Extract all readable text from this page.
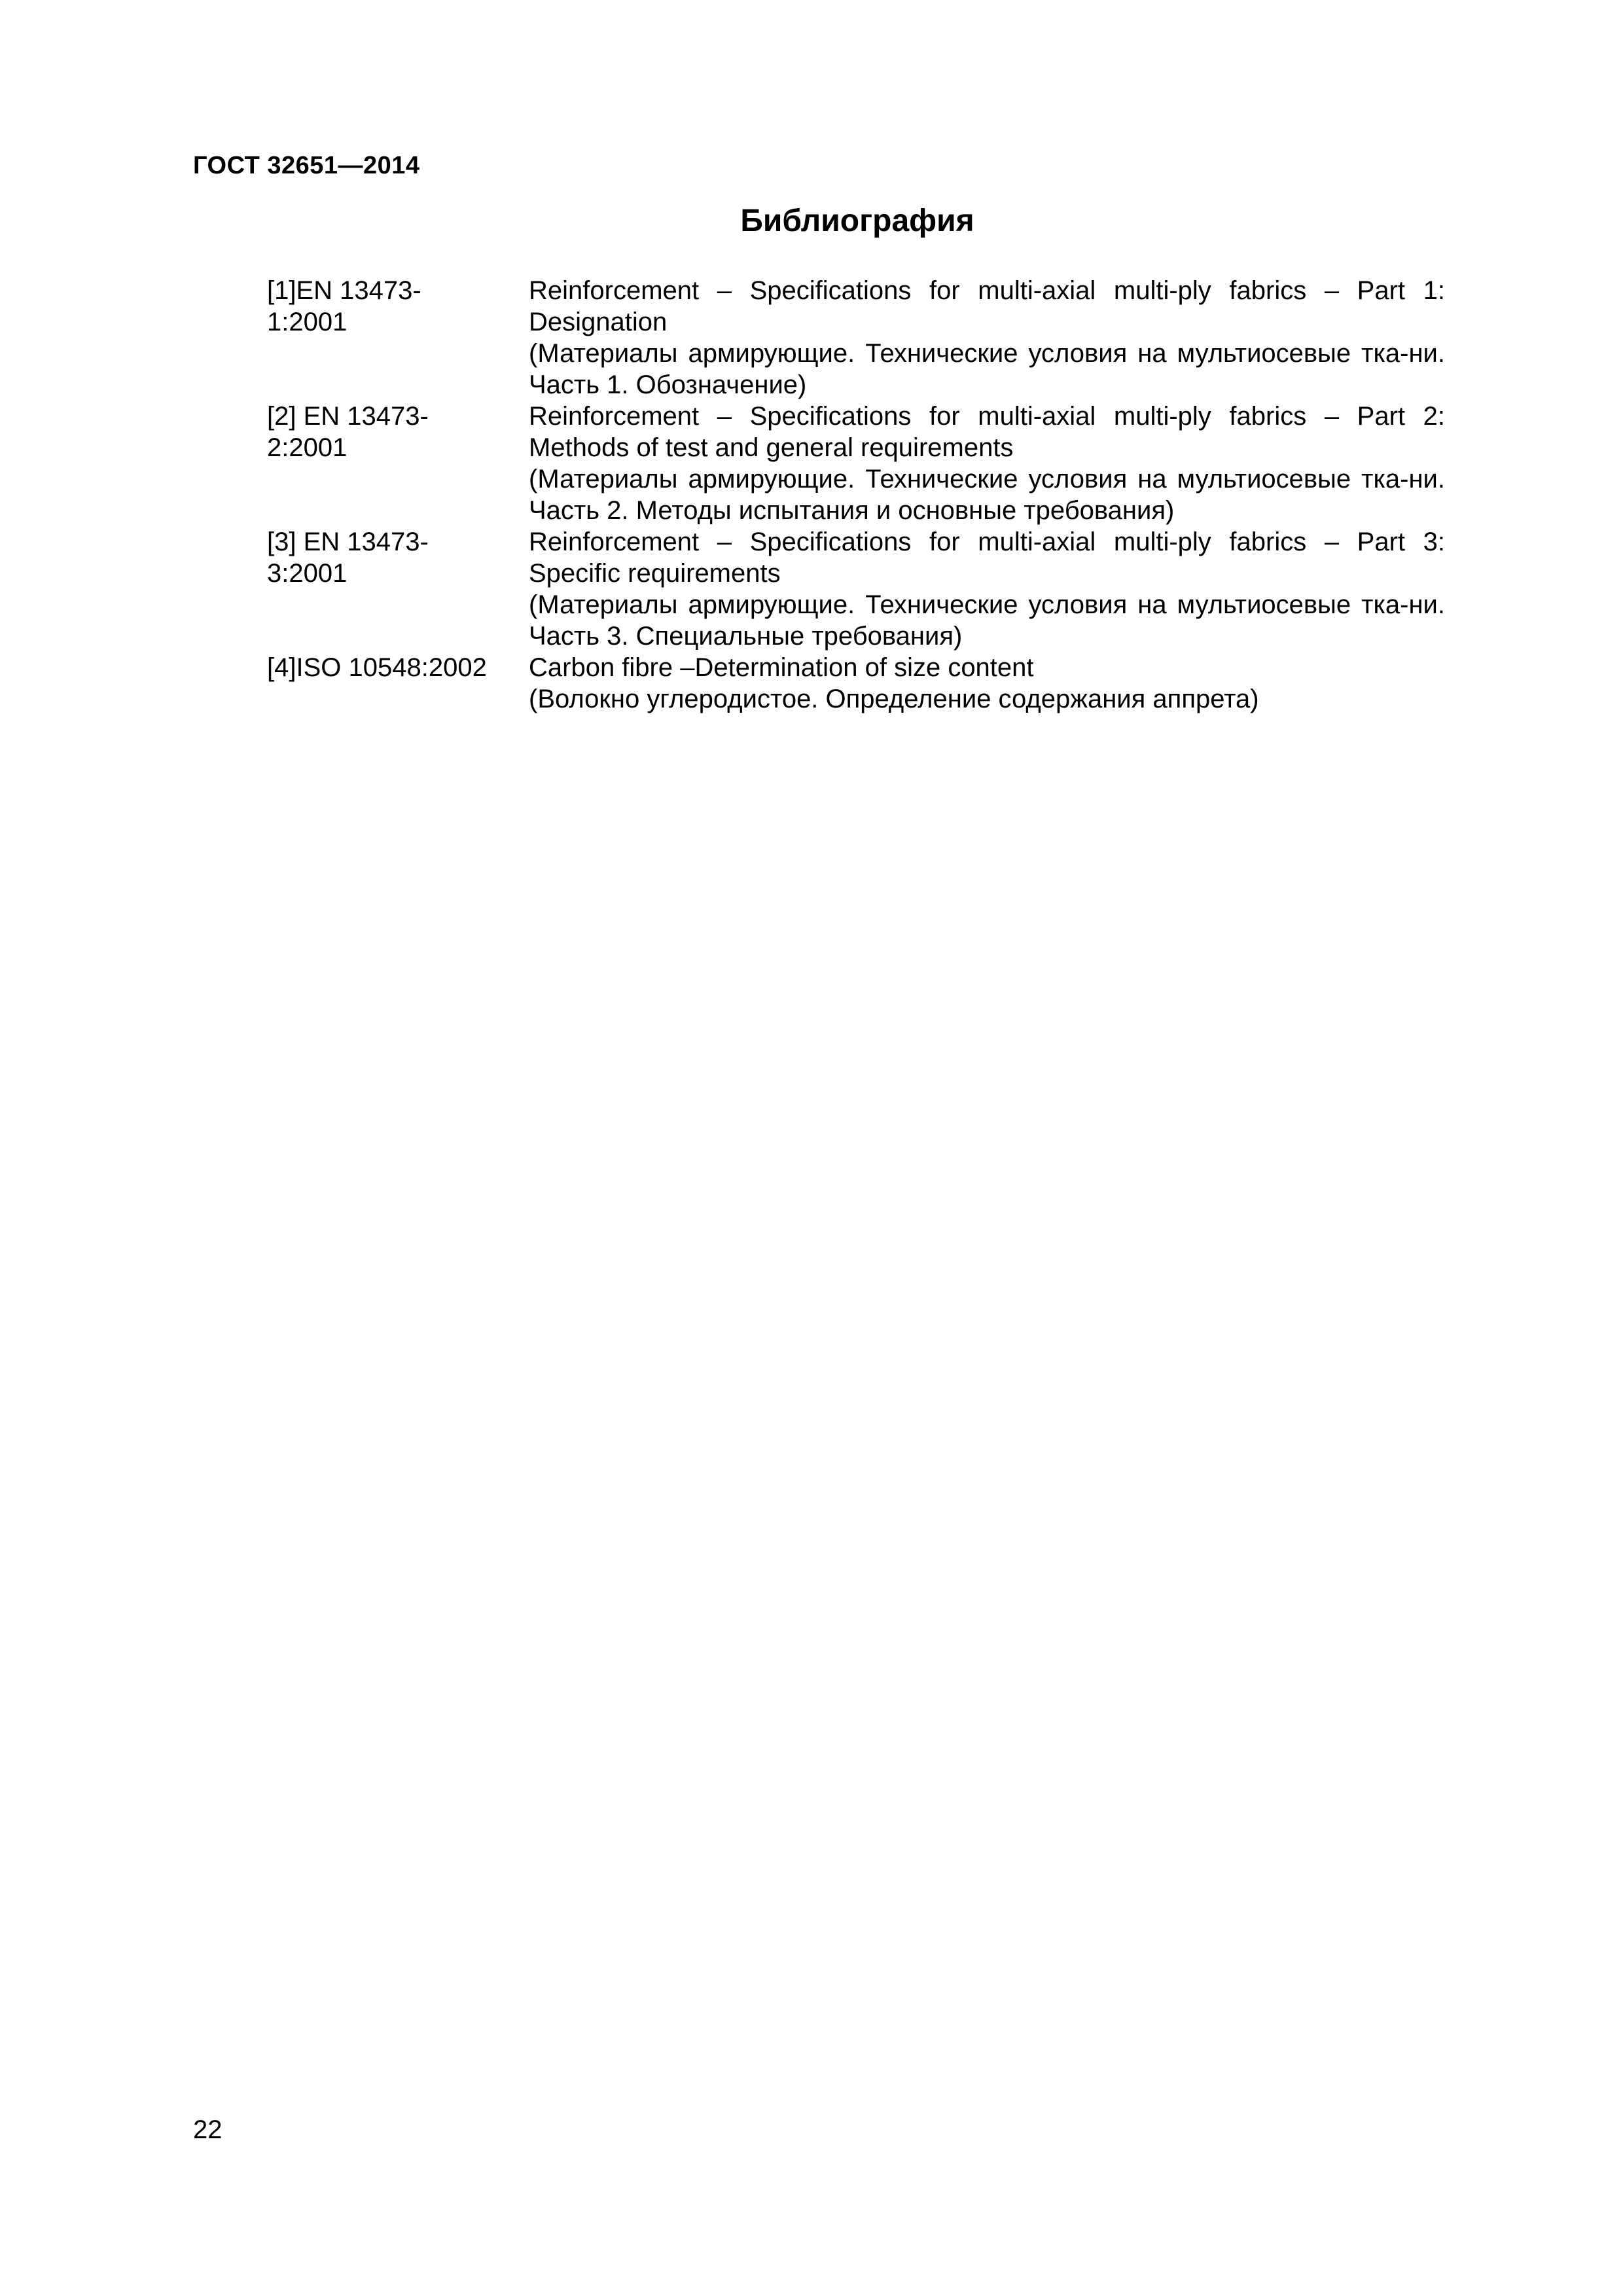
ГОСТ 32651—2014
Библиография
[1]EN 13473-
1:2001
Reinforcement – Specifications for multi-axial multi-ply fabrics – Part 1: Designation
(Материалы армирующие. Технические условия на мультиосевые тка-ни. Часть 1. Обозначение)
[2] EN 13473-
2:2001
Reinforcement – Specifications for multi-axial multi-ply fabrics – Part 2: Methods of test and general requirements
(Материалы армирующие. Технические условия на мультиосевые тка-ни. Часть 2. Методы испытания и основные требования)
[3] EN 13473-
3:2001
Reinforcement – Specifications for multi-axial multi-ply fabrics – Part 3: Specific requirements
(Материалы армирующие. Технические условия на мультиосевые тка-ни. Часть 3. Специальные требования)
[4]ISO 10548:2002	Carbon fibre –Determination of size content
(Волокно углеродистое. Определение содержания аппрета)
22
